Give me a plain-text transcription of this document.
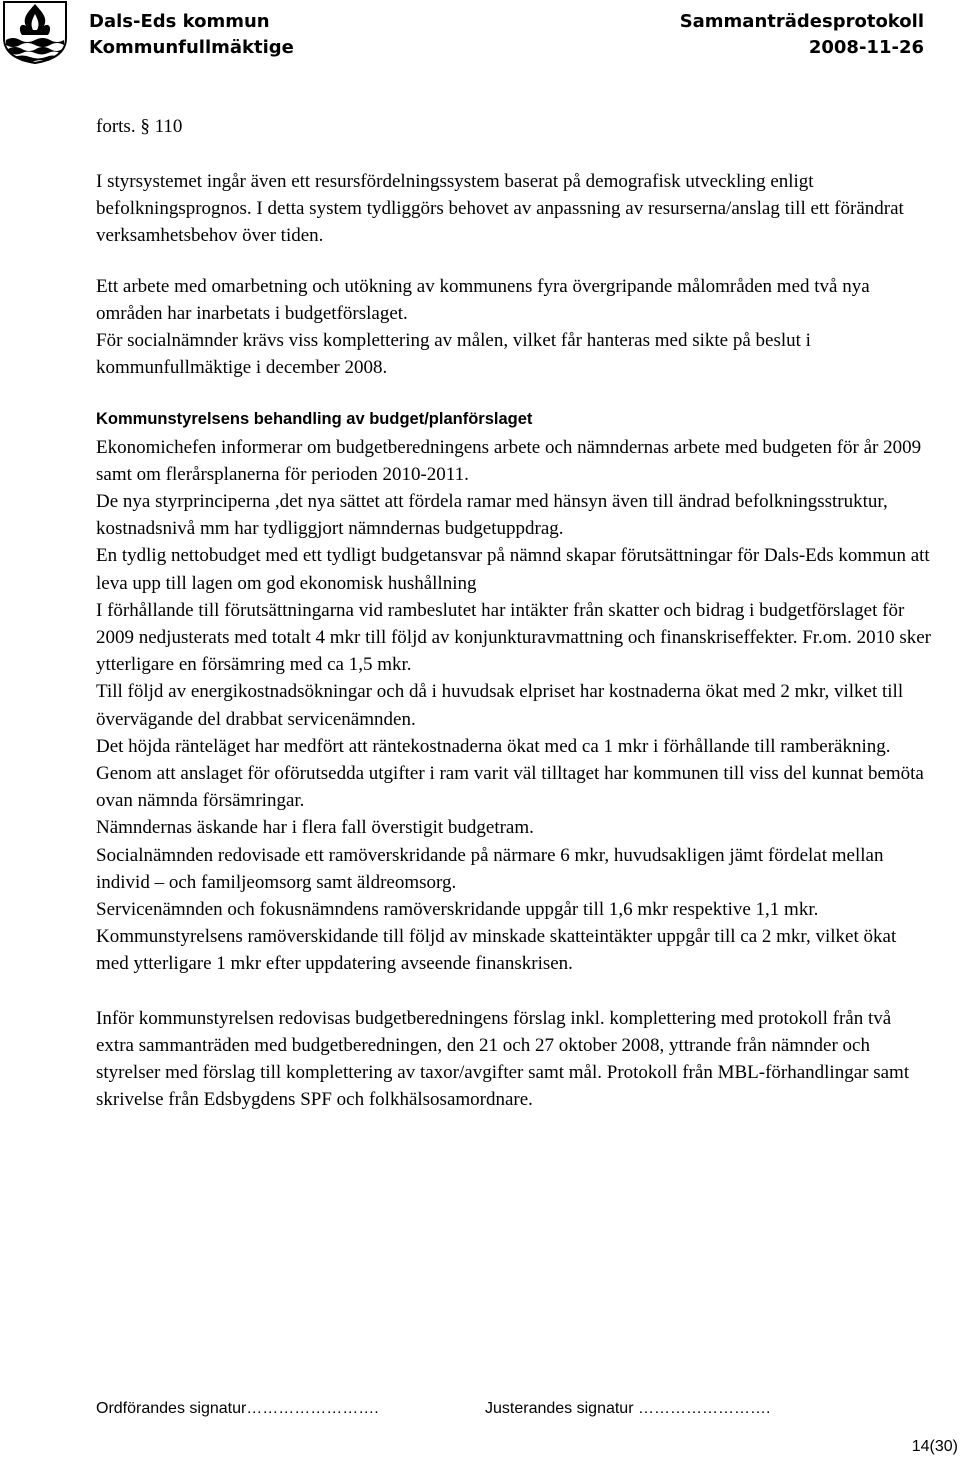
Dals-Eds kommun
Kommunfullmäktige
Sammanträdesprotokoll
2008-11-26
forts. § 110

I styrsystemet ingår även ett resursfördelningssystem baserat på demografisk utveckling enligt befolkningsprognos. I detta system tydliggörs behovet av anpassning av resurserna/anslag till ett förändrat verksamhetsbehov över tiden.

Ett arbete med omarbetning och utökning av kommunens fyra övergripande målområden med två nya områden har inarbetats i budgetförslaget.

För socialnämnder krävs viss komplettering av målen, vilket får hanteras med sikte på beslut i kommunfullmäktige i december 2008.

Kommunstyrelsens behandling av budget/planförslaget

Ekonomichefen informerar om budgetberedningens arbete och nämndernas arbete med budgeten för år 2009 samt om flerårsplanerna för perioden 2010-2011.

De nya styrprinciperna ,det nya sättet att fördela ramar med hänsyn även till ändrad befolkningsstruktur, kostnadsnivå mm har tydliggjort nämndernas budgetuppdrag.

En tydlig nettobudget med ett tydligt budgetansvar på nämnd skapar förutsättningar för Dals-Eds kommun att leva upp till lagen om god ekonomisk hushållning

I förhållande till förutsättningarna vid rambeslutet har intäkter från skatter och bidrag i budgetförslaget för 2009 nedjusterats med totalt 4 mkr till följd av konjunkturavmattning och finanskriseffekter. Fr.om. 2010 sker ytterligare en försämring med ca 1,5 mkr.

Till följd av energikostnadsökningar och då i huvudsak elpriset har kostnaderna ökat med 2 mkr, vilket till övervägande del drabbat servicenämnden.

Det höjda ränteläget har medfört att räntekostnaderna ökat med ca 1 mkr i förhållande till ramberäkning.

Genom att anslaget för oförutsedda utgifter i ram varit väl tilltaget har kommunen till viss del kunnat bemöta ovan nämnda försämringar.

Nämndernas äskande har i flera fall överstigit budgetram.

Socialnämnden redovisade ett ramöverskridande på närmare 6 mkr, huvudsakligen jämt fördelat mellan individ – och familjeomsorg samt äldreomsorg.

Servicenämnden och fokusnämndens ramöverskridande uppgår till 1,6 mkr respektive 1,1 mkr.

Kommunstyrelsens ramöverskidande till följd av minskade skatteintäkter uppgår till ca 2 mkr, vilket ökat med ytterligare 1 mkr efter uppdatering avseende finanskrisen.

Inför kommunstyrelsen redovisas budgetberedningens förslag inkl. komplettering med protokoll från två extra sammanträden med budgetberedningen, den 21 och 27 oktober 2008, yttrande från nämnder och styrelser med förslag till komplettering av taxor/avgifter samt mål. Protokoll från MBL-förhandlingar samt skrivelse från Edsbygdens SPF och folkhälsosamordnare.

Ordförandes signatur…………………….	Justerandes signatur …………………….
14(30)
